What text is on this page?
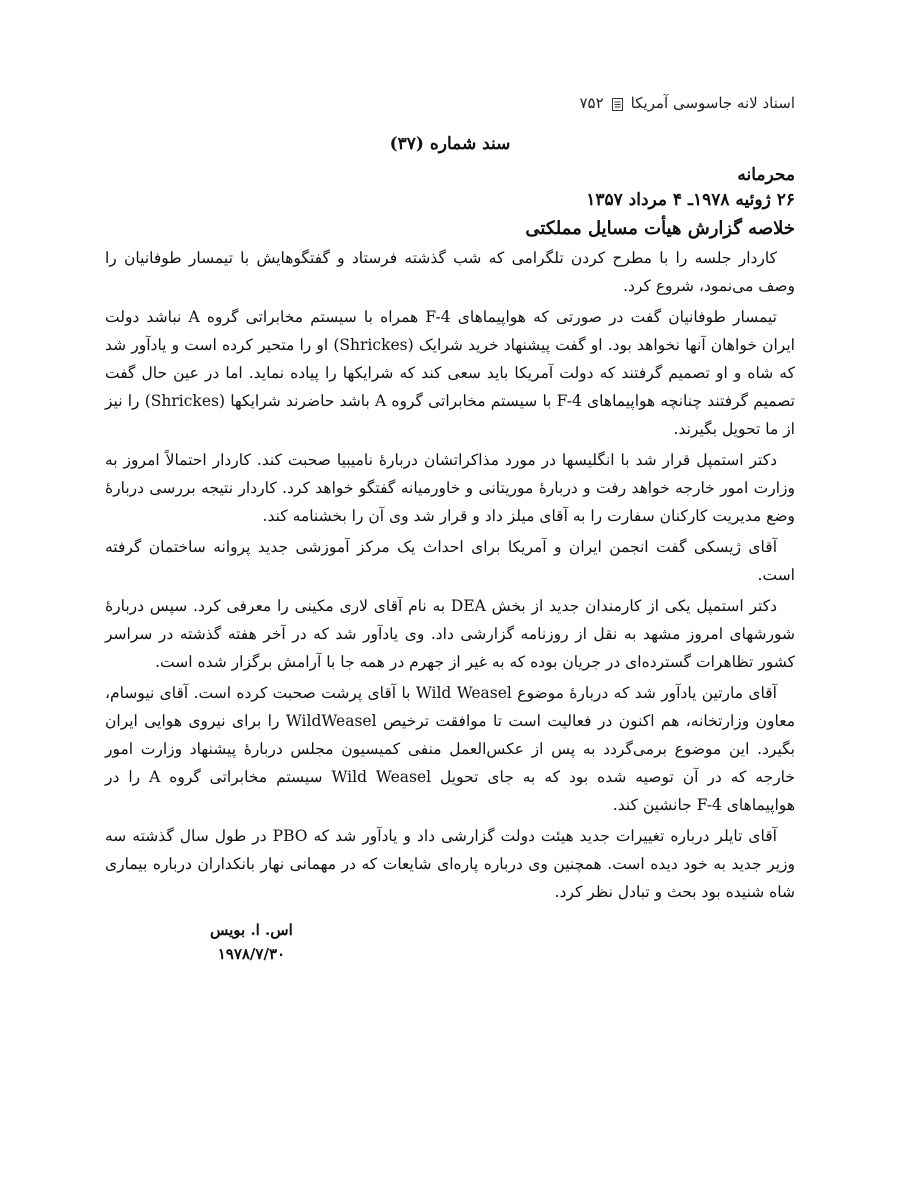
اسناد لانه جاسوسی آمریکا
۷۵۲
سند شماره (۳۷)
محرمانه
۲۶ ژوئیه ۱۹۷۸ـ ۴ مرداد ۱۳۵۷
خلاصه گزارش هیأت مسایل مملکتی

کاردار جلسه را با مطرح کردن تلگرامی که شب گذشته فرستاد و گفتگوهایش با تیمسار طوفانیان را وصف می‌نمود، شروع کرد.

تیمسار طوفانیان گفت در صورتی که هواپیماهای F-4 همراه با سیستم مخابراتی گروه A نباشد دولت ایران خواهان آنها نخواهد بود. او گفت پیشنهاد خرید شرایک (Shrickes) او را متحیر کرده است و یادآور شد که شاه و او تصمیم گرفتند که دولت آمریکا باید سعی کند که شرایکها را پیاده نماید. اما در عین حال گفت تصمیم گرفتند چنانچه هواپیماهای F-4 با سیستم مخابراتی گروه A باشد حاضرند شرایکها (Shrickes) را نیز از ما تحویل بگیرند.

دکتر استمپل قرار شد با انگلیسها در مورد مذاکراتشان دربارهٔ نامیبیا صحبت کند. کاردار احتمالاً امروز به وزارت امور خارجه خواهد رفت و دربارهٔ موریتانی و خاورمیانه گفتگو خواهد کرد. کاردار نتیجه بررسی دربارهٔ وضع مدیریت کارکنان سفارت را به آقای میلز داد و قرار شد وی آن را بخشنامه کند.

آقای ژیسکی گفت انجمن ایران و آمریکا برای احداث یک مرکز آموزشی جدید پروانه ساختمان گرفته است.

دکتر استمپل یکی از کارمندان جدید از بخش DEA به نام آقای لاری مکینی را معرفی کرد. سپس دربارهٔ شورشهای امروز مشهد به نقل از روزنامه گزارشی داد. وی یادآور شد که در آخر هفته گذشته در سراسر کشور تظاهرات گسترده‌ای در جریان بوده که به غیر از جهرم در همه جا با آرامش برگزار شده است.

آقای مارتین یادآور شد که دربارهٔ موضوع Wild Weasel با آقای پرشت صحبت کرده است. آقای نیوسام، معاون وزارتخانه، هم اکنون در فعالیت است تا موافقت ترخیص WildWeasel را برای نیروی هوایی ایران بگیرد. این موضوع برمی‌گردد به پس از عکس‌العمل منفی کمیسیون مجلس دربارهٔ پیشنهاد وزارت امور خارجه که در آن توصیه شده بود که به جای تحویل Wild Weasel سیستم مخابراتی گروه A را در هواپیماهای F-4 جانشین کند.

آقای تایلر درباره تغییرات جدید هیئت دولت گزارشی داد و یادآور شد که PBO در طول سال گذشته سه وزیر جدید به خود دیده است. همچنین وی درباره پاره‌ای شایعات که در مهمانی نهار بانکداران درباره بیماری شاه شنیده بود بحث و تبادل نظر کرد.

اس. ا. بویس
۱۹۷۸/۷/۳۰
